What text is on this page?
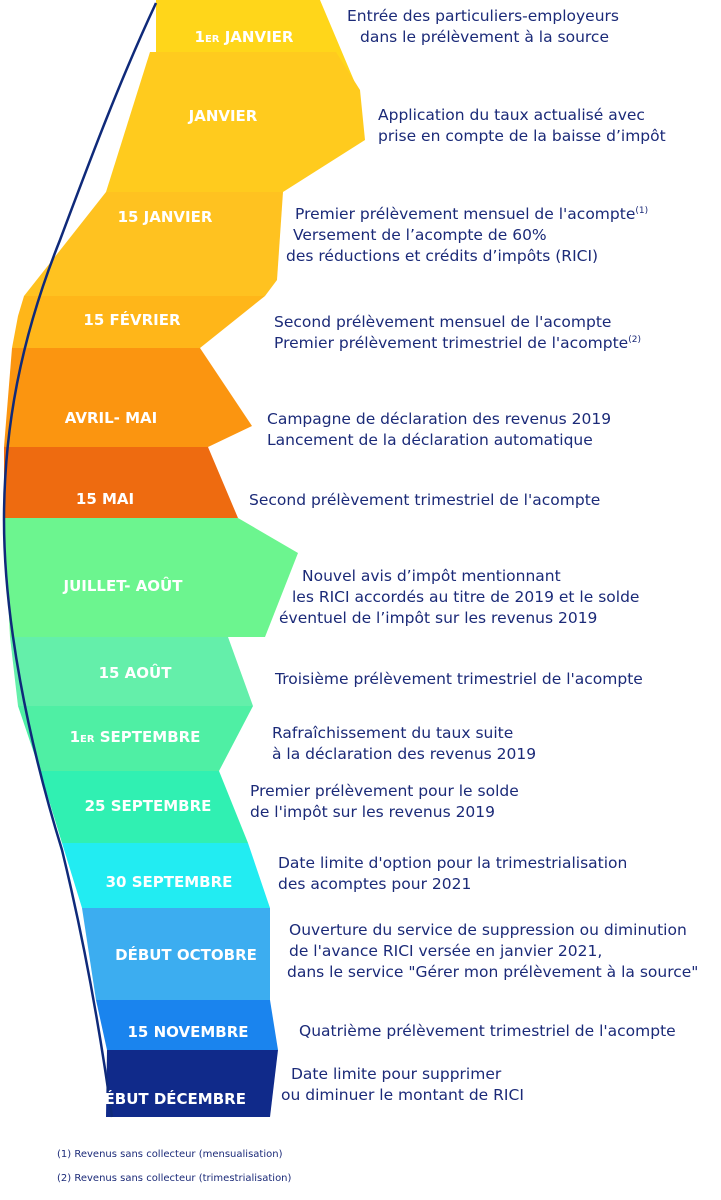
1ER JANVIER
JANVIER
15 JANVIER
15 FÉVRIER
AVRIL- MAI
15 MAI
JUILLET- AOÛT
15 AOÛT
1ER SEPTEMBRE
25 SEPTEMBRE
30 SEPTEMBRE
DÉBUT OCTOBRE
15 NOVEMBRE
DÉBUT DÉCEMBRE
Entrée des particuliers-employeurs
dans le prélèvement à la source
Application du taux actualisé avec
prise en compte de la baisse d’impôt
Premier prélèvement mensuel de l'acompte$^{(1)}$
Versement de l’acompte de 60%
des réductions et crédits d’impôts (RICI)
Second prélèvement mensuel de l'acompte
Premier prélèvement trimestriel de l'acompte$^{(2)}$
Campagne de déclaration des revenus 2019
Lancement de la déclaration automatique
Second prélèvement trimestriel de l'acompte
Nouvel avis d’impôt mentionnant
les RICI accordés au titre de 2019 et le solde
éventuel de l’impôt sur les revenus 2019
Troisième prélèvement trimestriel de l'acompte
Rafraîchissement du taux suite
à la déclaration des revenus 2019
Premier prélèvement pour le solde
de l'impôt sur les revenus 2019
Date limite d'option pour la trimestrialisation
des acomptes pour 2021
Ouverture du service de suppression ou diminution
de l'avance RICI versée en janvier 2021,
dans le service "Gérer mon prélèvement à la source"
Quatrième prélèvement trimestriel de l'acompte
Date limite pour supprimer
ou diminuer le montant de RICI
(1) Revenus sans collecteur (mensualisation)
(2) Revenus sans collecteur (trimestrialisation)
